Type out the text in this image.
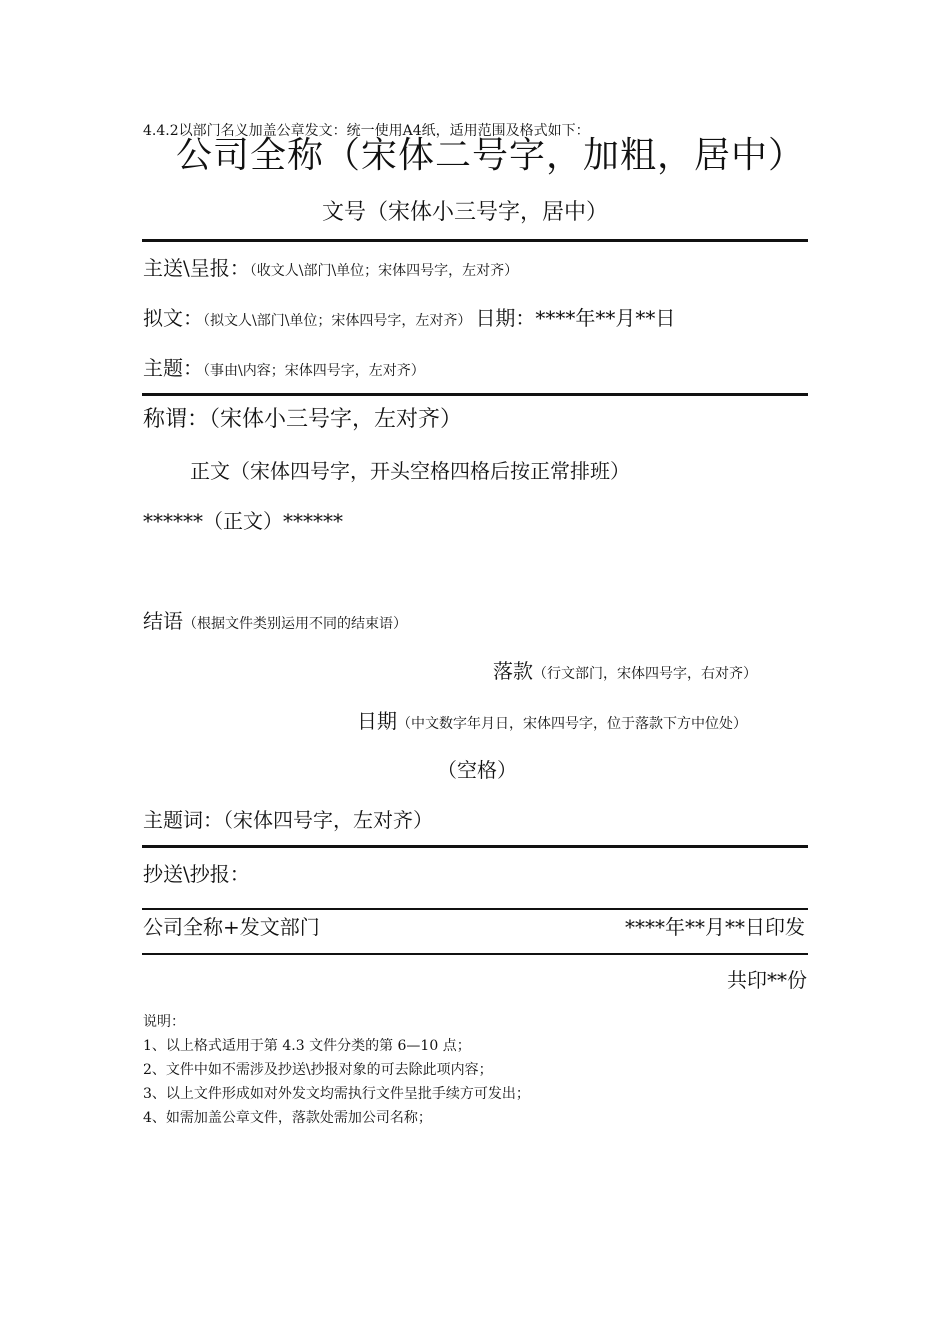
4.4.2以部门名义加盖公章发文：统一使用A4纸，适用范围及格式如下：
公司全称（宋体二号字，加粗，居中）
文号（宋体小三号字，居中）
主送\呈报：（收文人\部门\单位；宋体四号字，左对齐）
拟文：（拟文人\部门\单位；宋体四号字，左对齐） 日期：****年**月**日
主题：（事由\内容；宋体四号字，左对齐）
称谓：（宋体小三号字，左对齐）
正文（宋体四号字，开头空格四格后按正常排班）
******（正文）******
结语（根据文件类别运用不同的结束语）
落款（行文部门，宋体四号字，右对齐）
日期（中文数字年月日，宋体四号字，位于落款下方中位处）
（空格）
主题词：（宋体四号字，左对齐）
抄送\抄报：
公司全称+发文部门	****年**月**日印发
共印**份
说明：
1、以上格式适用于第 4.3 文件分类的第 6—10 点；
2、文件中如不需涉及抄送\抄报对象的可去除此项内容；
3、以上文件形成如对外发文均需执行文件呈批手续方可发出；
4、如需加盖公章文件，落款处需加公司名称；
